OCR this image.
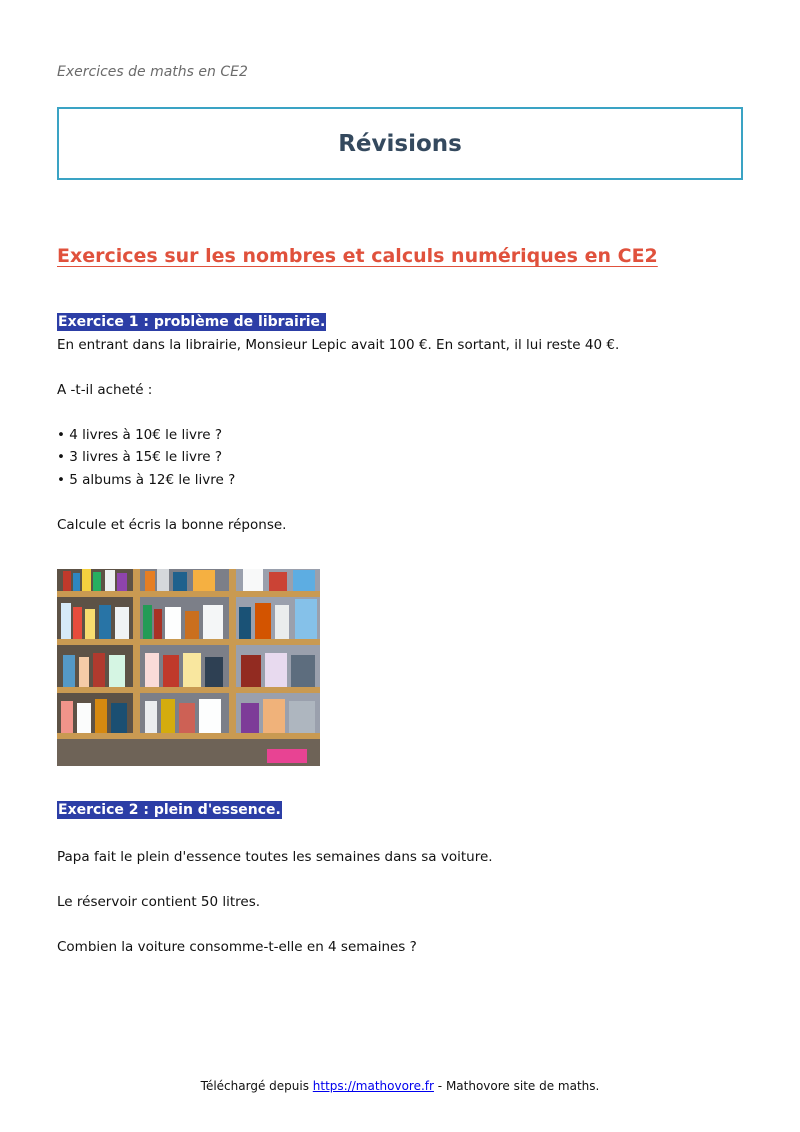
Exercices de maths en CE2
Révisions
Exercices sur les nombres et calculs numériques en CE2
Exercice 1 : problème de librairie.
En entrant dans la librairie, Monsieur Lepic avait 100 €. En sortant, il lui reste 40 €.
A -t-il acheté :
• 4 livres à 10€ le livre ?
• 3 livres à 15€ le livre ?
• 5 albums à 12€ le livre ?
Calcule et écris la bonne réponse.
Exercice 2 : plein d'essence.
Papa fait le plein d'essence toutes les semaines dans sa voiture.
Le réservoir contient 50 litres.
Combien la voiture consomme-t-elle en 4 semaines ?
Téléchargé depuis https://mathovore.fr - Mathovore site de maths.
